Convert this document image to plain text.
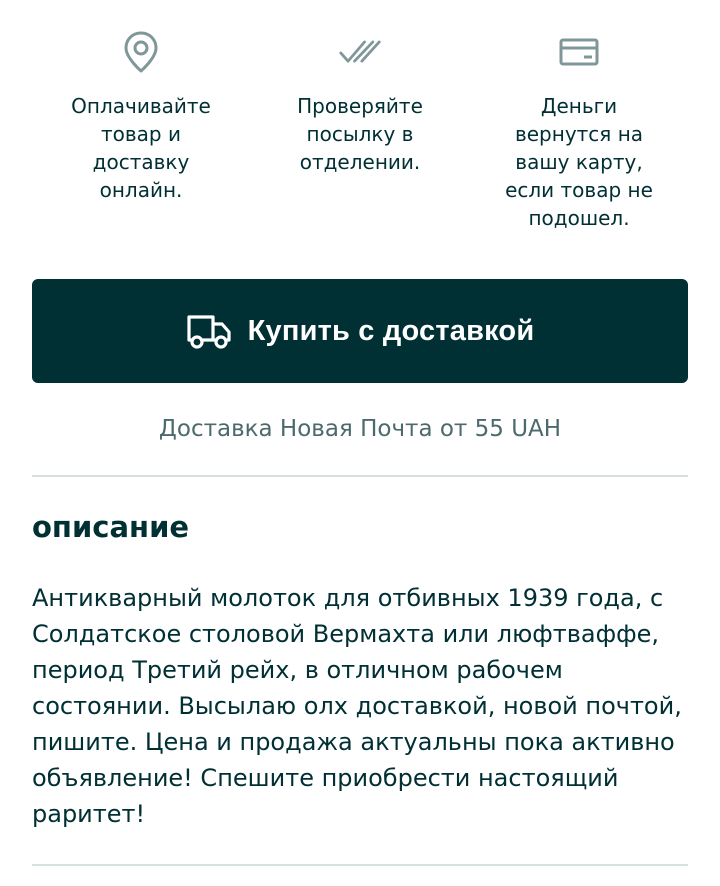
Оплачивайте
товар и
доставку
онлайн.
Проверяйте
посылку в
отделении.
Деньги
вернутся на
вашу карту,
если товар не
подошел.
Купить с доставкой
Доставка Новая Почта от 55 UAH
описание

Антикварный молоток для отбивных 1939 года, с Солдатское столовой Вермахта или люфтваффе, период Третий рейх, в отличном рабочем состоянии. Высылаю олх доставкой, новой почтой, пишите. Цена и продажа актуальны пока активно объявление! Спешите приобрести настоящий раритет!
